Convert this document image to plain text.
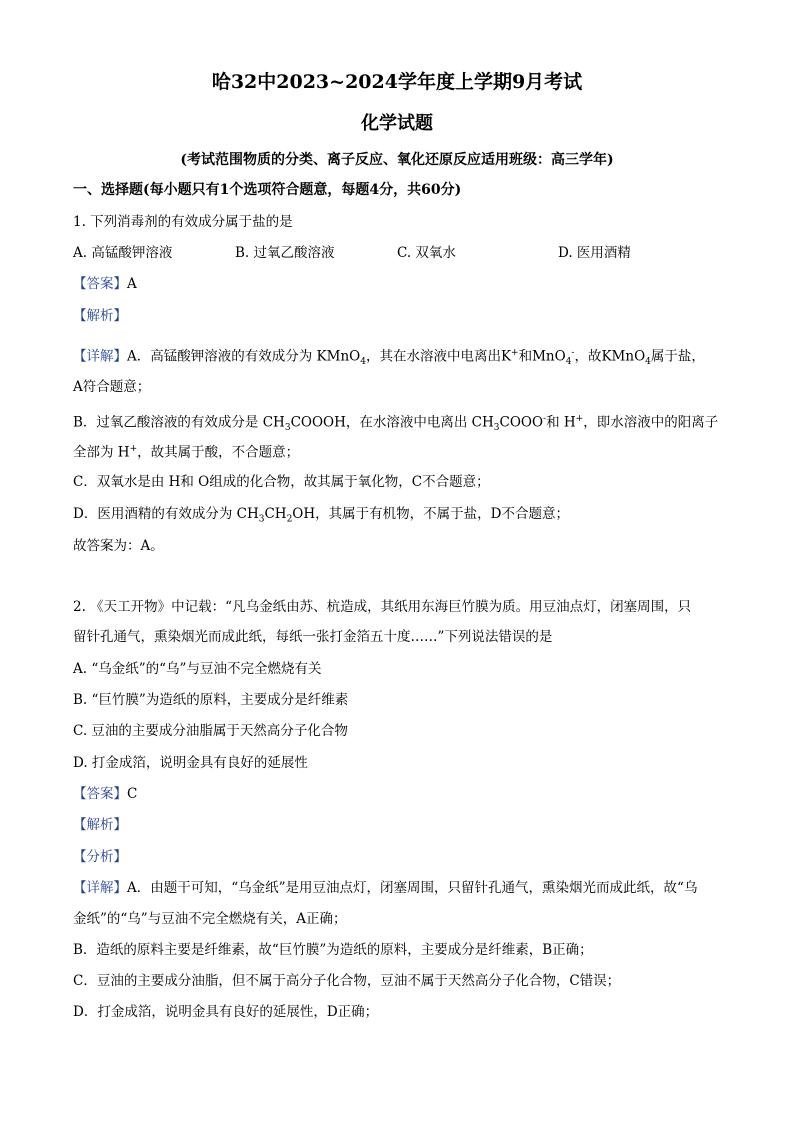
哈32中2023~2024学年度上学期9月考试
化学试题
(考试范围物质的分类、离子反应、氧化还原反应适用班级：高三学年)
一、选择题(每小题只有1个选项符合题意，每题4分，共60分)
1. 下列消毒剂的有效成分属于盐的是
A. 高锰酸钾溶液	B. 过氧乙酸溶液	C. 双氧水	D. 医用酒精
【答案】A
【解析】
【详解】A．高锰酸钾溶液的有效成分为 KMnO$_4$，其在水溶液中电离出K+和MnO$_4$-，故KMnO$_4$属于盐，
A符合题意；
B．过氧乙酸溶液的有效成分是 $CH_3COOOH$，在水溶液中电离出 $CH_3COOO^-$和 H+，即水溶液中的阳离子
全部为 H+，故其属于酸，不合题意；
C．双氧水是由 H和 O组成的化合物，故其属于氧化物，C不合题意；
D．医用酒精的有效成分为 $CH_3CH_2OH$，其属于有机物，不属于盐，D不合题意；
故答案为：A。
2. 《天工开物》中记载：“凡乌金纸由苏、杭造成，其纸用东海巨竹膜为质。用豆油点灯，闭塞周围，只
留针孔通气，熏染烟光而成此纸，每纸一张打金箔五十度……”下列说法错误的是
A. “乌金纸”的“乌”与豆油不完全燃烧有关
B. “巨竹膜”为造纸的原料，主要成分是纤维素
C. 豆油的主要成分油脂属于天然高分子化合物
D. 打金成箔，说明金具有良好的延展性
【答案】C
【解析】
【分析】
【详解】A．由题干可知，“乌金纸”是用豆油点灯，闭塞周围，只留针孔通气，熏染烟光而成此纸，故“乌
金纸”的“乌”与豆油不完全燃烧有关，A正确；
B．造纸的原料主要是纤维素，故“巨竹膜”为造纸的原料，主要成分是纤维素，B正确；
C．豆油的主要成分油脂，但不属于高分子化合物，豆油不属于天然高分子化合物，C错误；
D．打金成箔，说明金具有良好的延展性，D正确；
